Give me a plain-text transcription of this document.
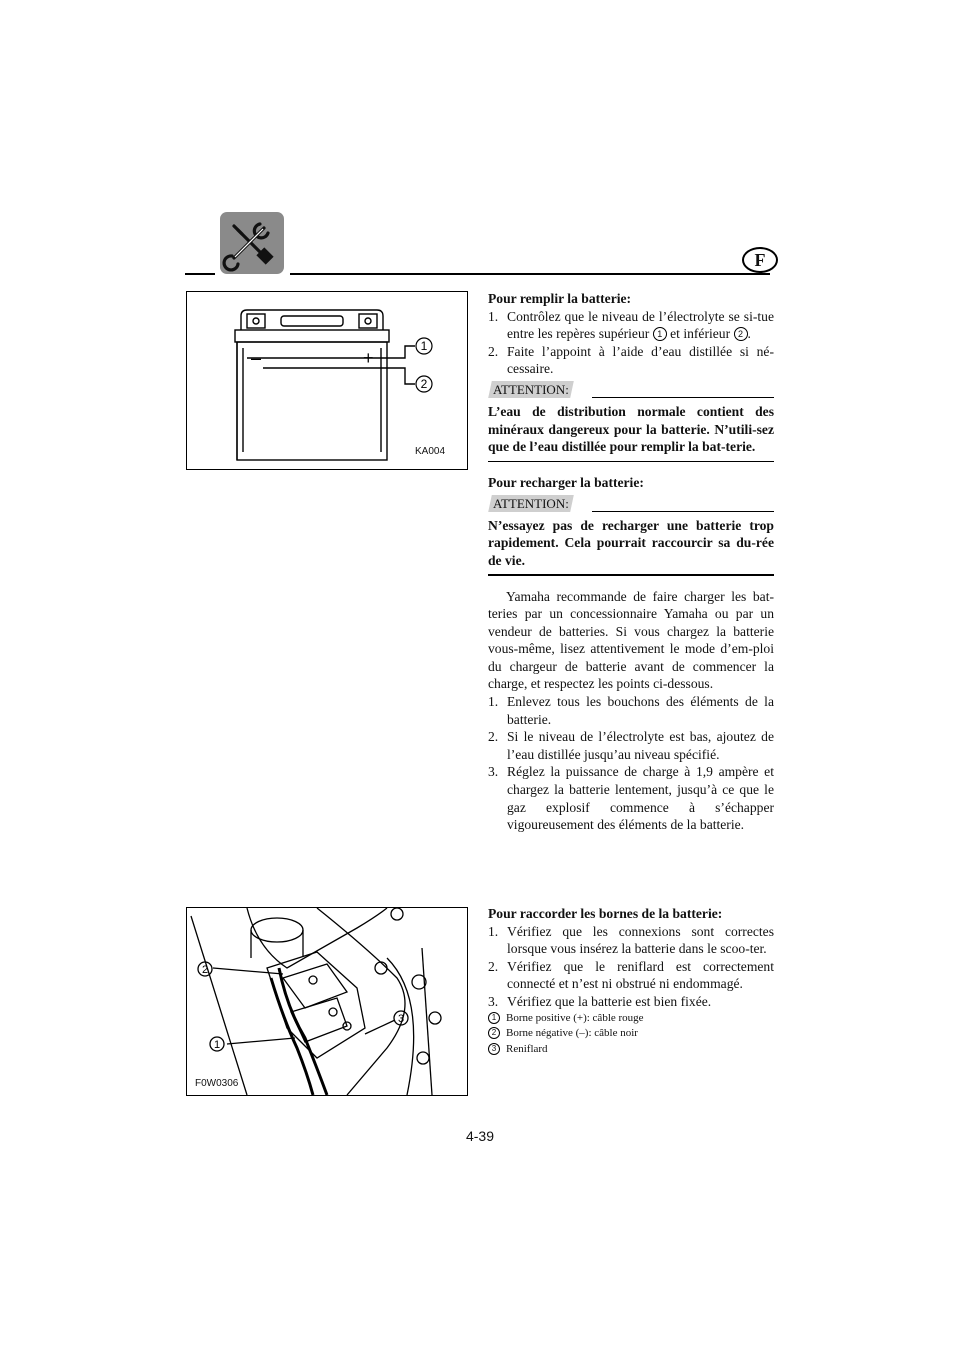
F
–	+
1
2
KA004
Pour remplir la batterie:
1. Contrôlez que le niveau de l’électrolyte se si-tue entre les repères supérieur 1 et inférieur 2 .
2. Faite l’appoint à l’aide d’eau distillée si né-cessaire.
ATTENTION:
L’eau de distribution normale contient des minéraux dangereux pour la batterie. N’utili-sez que de l’eau distillée pour remplir la bat-terie.
Pour recharger la batterie:
ATTENTION:
N’essayez pas de recharger une batterie trop rapidement. Cela pourrait raccourcir sa du-rée de vie.
Yamaha recommande de faire charger les bat-teries par un concessionnaire Yamaha ou par un vendeur de batteries. Si vous chargez la batterie vous-même, lisez attentivement le mode d’em-ploi du chargeur de batterie avant de commencer la charge, et respectez les points ci-dessous.
1. Enlevez tous les bouchons des éléments de la batterie.
2. Si le niveau de l’électrolyte est bas, ajoutez de l’eau distillée jusqu’au niveau spécifié.
3. Réglez la puissance de charge à 1,9 ampère et chargez la batterie lentement, jusqu’à ce que le gaz explosif commence à s’échapper vigoureusement des éléments de la batterie.
2
1
3
F0W0306
Pour raccorder les bornes de la batterie:
1. Vérifiez que les connexions sont correctes lorsque vous insérez la batterie dans le scoo-ter.
2. Vérifiez que le reniflard est correctement connecté et n’est ni obstrué ni endommagé.
3. Vérifiez que la batterie est bien fixée.
1 Borne positive (+): câble rouge
2 Borne négative (–): câble noir
3 Reniflard
4-39
